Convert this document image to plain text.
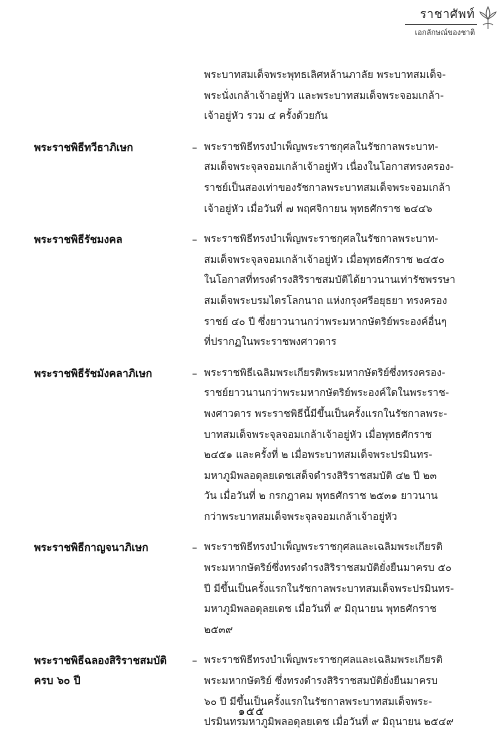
ราชาศัพท์
เอกลักษณ์ของชาติ
พระบาทสมเด็จพระพุทธเลิศหล้านภาลัย พระบาทสมเด็จ-
พระนั่งเกล้าเจ้าอยู่หัว และพระบาทสมเด็จพระจอมเกล้า-
เจ้าอยู่หัว รวม ๔ ครั้งด้วยกัน
พระราชพิธีทวีธาภิเษก	– พระราชพิธีทรงบำเพ็ญพระราชกุศลในรัชกาลพระบาท-
สมเด็จพระจุลจอมเกล้าเจ้าอยู่หัว เนื่องในโอกาสทรงครอง-
ราชย์เป็นสองเท่าของรัชกาลพระบาทสมเด็จพระจอมเกล้า
เจ้าอยู่หัว เมื่อวันที่ ๗ พฤศจิกายน พุทธศักราช ๒๔๔๖
พระราชพิธีรัชมงคล	– พระราชพิธีทรงบำเพ็ญพระราชกุศลในรัชกาลพระบาท-
สมเด็จพระจุลจอมเกล้าเจ้าอยู่หัว เมื่อพุทธศักราช ๒๔๕๐
ในโอกาสที่ทรงดำรงสิริราชสมบัติได้ยาวนานเท่ารัชพรรษา
สมเด็จพระบรมไตรโลกนาถ แห่งกรุงศรีอยุธยา ทรงครอง
ราชย์ ๔๐ ปี ซึ่งยาวนานกว่าพระมหากษัตริย์พระองค์อื่นๆ
ที่ปรากฏในพระราชพงศาวดาร
พระราชพิธีรัชมังคลาภิเษก	– พระราชพิธีเฉลิมพระเกียรติพระมหากษัตริย์ซึ่งทรงครอง-
ราชย์ยาวนานกว่าพระมหากษัตริย์พระองค์ใดในพระราช-
พงศาวดาร พระราชพิธีนี้มีขึ้นเป็นครั้งแรกในรัชกาลพระ-
บาทสมเด็จพระจุลจอมเกล้าเจ้าอยู่หัว เมื่อพุทธศักราช
๒๔๕๑ และครั้งที่ ๒ เมื่อพระบาทสมเด็จพระปรมินทร-
มหาภูมิพลอดุลยเดชเสด็จดำรงสิริราชสมบัติ ๔๒ ปี ๒๓
วัน เมื่อวันที่ ๒ กรกฎาคม พุทธศักราช ๒๕๓๑ ยาวนาน
กว่าพระบาทสมเด็จพระจุลจอมเกล้าเจ้าอยู่หัว
พระราชพิธีกาญจนาภิเษก	– พระราชพิธีทรงบำเพ็ญพระราชกุศลและเฉลิมพระเกียรติ
พระมหากษัตริย์ซึ่งทรงดำรงสิริราชสมบัติยั่งยืนมาครบ ๕๐
ปี มีขึ้นเป็นครั้งแรกในรัชกาลพระบาทสมเด็จพระปรมินทร-
มหาภูมิพลอดุลยเดช เมื่อวันที่ ๙ มิถุนายน พุทธศักราช
๒๕๓๙
พระราชพิธีฉลองสิริราชสมบัติ
ครบ ๖๐ ปี
– พระราชพิธีทรงบำเพ็ญพระราชกุศลและเฉลิมพระเกียรติ
พระมหากษัตริย์ ซึ่งทรงดำรงสิริราชสมบัติยั่งยืนมาครบ
๖๐ ปี มีขึ้นเป็นครั้งแรกในรัชกาลพระบาทสมเด็จพระ-
ปรมินทรมหาภูมิพลอดุลยเดช เมื่อวันที่ ๙ มิถุนายน ๒๕๔๙
๑๕๕
